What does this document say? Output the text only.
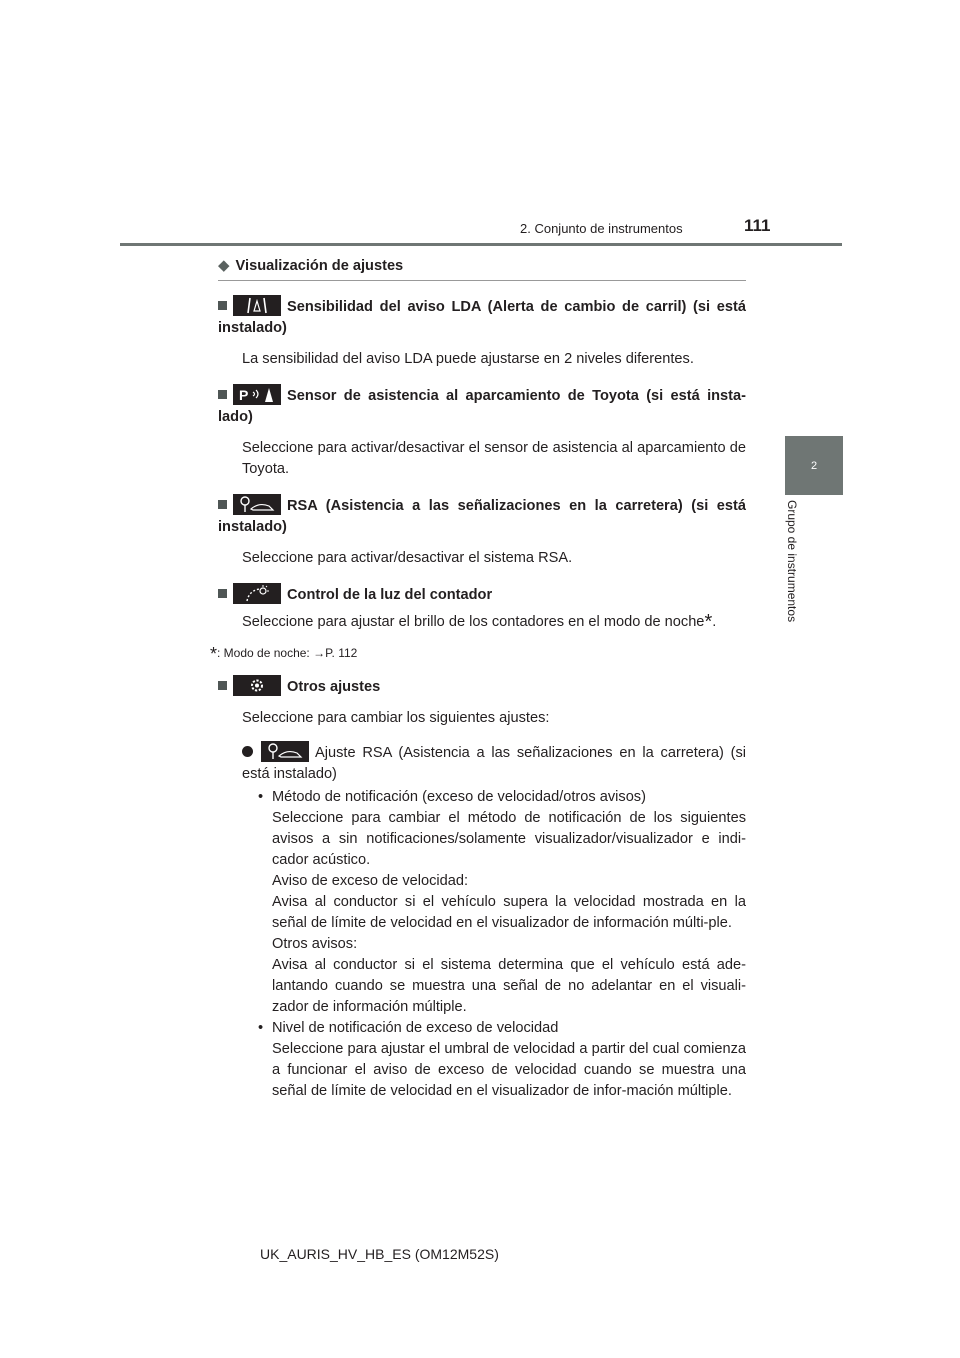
2. Conjunto de instrumentos	111
2
Grupo de instrumentos
◆ Visualización de ajustes
Sensibilidad del aviso LDA (Alerta de cambio de carril) (si está instalado)
La sensibilidad del aviso LDA puede ajustarse en 2 niveles diferentes.
P	Sensor de asistencia al aparcamiento de Toyota (si está insta-lado)
Seleccione para activar/desactivar el sensor de asistencia al aparcamiento de Toyota.
RSA (Asistencia a las señalizaciones en la carretera) (si está instalado)
Seleccione para activar/desactivar el sistema RSA.
Control de la luz del contador
Seleccione para ajustar el brillo de los contadores en el modo de noche*.
*: Modo de noche: →P. 112
Otros ajustes
Seleccione para cambiar los siguientes ajustes:
Ajuste RSA (Asistencia a las señalizaciones en la carretera) (si está instalado)
• Método de notificación (exceso de velocidad/otros avisos)

Seleccione para cambiar el método de notificación de los siguientes avisos a sin notificaciones/solamente visualizador/visualizador e indi-cador acústico.

Aviso de exceso de velocidad:

Avisa al conductor si el vehículo supera la velocidad mostrada en la señal de límite de velocidad en el visualizador de información múlti-ple.

Otros avisos:

Avisa al conductor si el sistema determina que el vehículo está ade-lantando cuando se muestra una señal de no adelantar en el visuali-zador de información múltiple.

• Nivel de notificación de exceso de velocidad

Seleccione para ajustar el umbral de velocidad a partir del cual comienza a funcionar el aviso de exceso de velocidad cuando se muestra una señal de límite de velocidad en el visualizador de infor-mación múltiple.

UK_AURIS_HV_HB_ES (OM12M52S)
